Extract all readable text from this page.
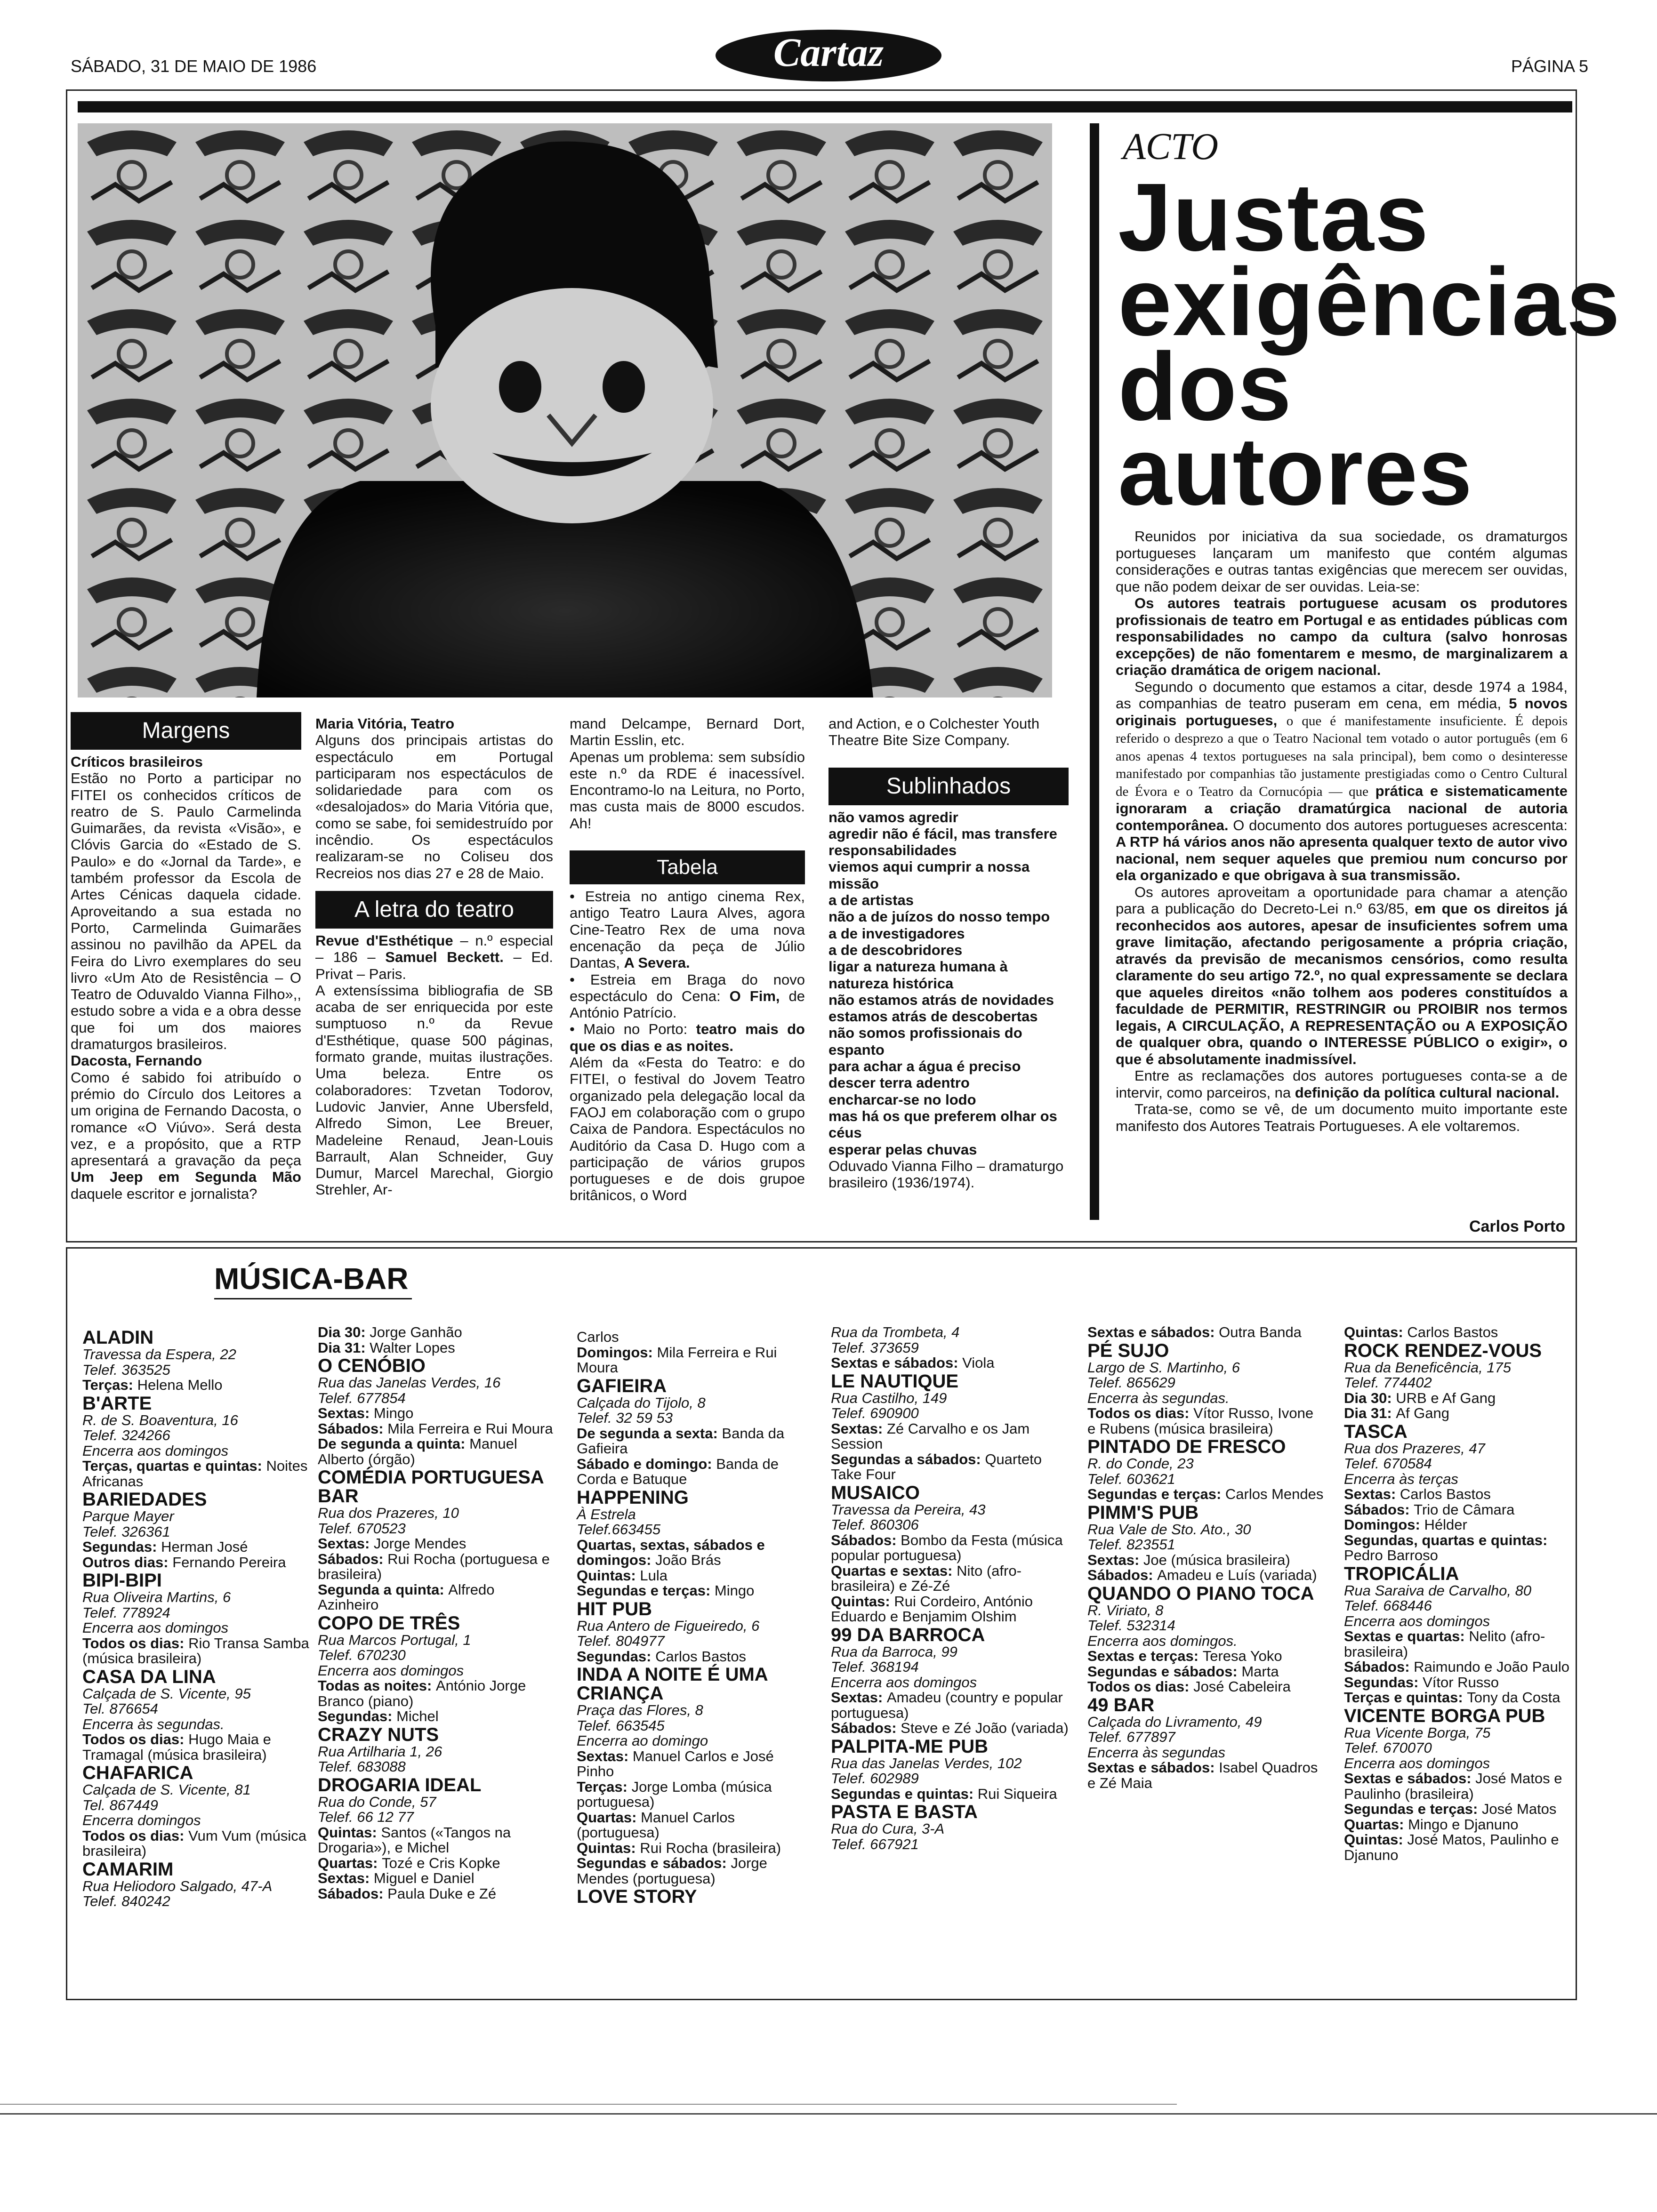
SÁBADO, 31 DE MAIO DE 1986	Cartaz	PÁGINA 5
ACTO
Justas exigências dos autores

Reunidos por iniciativa da sua sociedade, os dramaturgos portugueses lançaram um manifesto que contém algumas considerações e outras tantas exigências que merecem ser ouvidas, que não podem deixar de ser ouvidas. Leia-se:

Os autores teatrais portuguese acusam os produtores profissionais de teatro em Portugal e as entidades públicas com responsabilidades no campo da cultura (salvo honrosas excepções) de não fomentarem e mesmo, de marginalizarem a criação dramática de origem nacional.

Segundo o documento que estamos a citar, desde 1974 a 1984, as companhias de teatro puseram em cena, em média, 5 novos originais portugueses, o que é manifestamente insuficiente. É depois referido o desprezo a que o Teatro Nacional tem votado o autor português (em 6 anos apenas 4 textos portugueses na sala principal), bem como o desinteresse manifestado por companhias tão justamente prestigiadas como o Centro Cultural de Évora e o Teatro da Cornucópia — que prática e sistematicamente ignoraram a criação dramatúrgica nacional de autoria contemporânea. O documento dos autores portugueses acrescenta: A RTP há vários anos não apresenta qualquer texto de autor vivo nacional, nem sequer aqueles que premiou num concurso por ela organizado e que obrigava à sua transmissão.

Os autores aproveitam a oportunidade para chamar a atenção para a publicação do Decreto-Lei n.º 63/85, em que os direitos já reconhecidos aos autores, apesar de insuficientes sofrem uma grave limitação, afectando perigosamente a própria criação, através da previsão de mecanismos censórios, como resulta claramente do seu artigo 72.º, no qual expressamente se declara que aqueles direitos «não tolhem aos poderes constituídos a faculdade de PERMITIR, RESTRINGIR ou PROIBIR nos termos legais, A CIRCULAÇÃO, A REPRESENTAÇÃO ou A EXPOSIÇÃO de qualquer obra, quando o INTERESSE PÚBLICO o exigir», o que é absolutamente inadmissível.

Entre as reclamações dos autores portugueses conta-se a de intervir, como parceiros, na definição da política cultural nacional.

Trata-se, como se vê, de um documento muito importante este manifesto dos Autores Teatrais Portugueses. A ele voltaremos.

Carlos Porto
Margens

Críticos brasileiros

Estão no Porto a participar no FITEI os conhecidos críticos de reatro de S. Paulo Carmelinda Guimarães, da revista «Visão», e Clóvis Garcia do «Estado de S. Paulo» e do «Jornal da Tarde», e também professor da Escola de Artes Cénicas daquela cidade. Aproveitando a sua estada no Porto, Carmelinda Guimarães assinou no pavilhão da APEL da Feira do Livro exemplares do seu livro «Um Ato de Resistência – O Teatro de Oduvaldo Vianna Filho»,, estudo sobre a vida e a obra desse que foi um dos maiores dramaturgos brasileiros.

Dacosta, Fernando

Como é sabido foi atribuído o prémio do Círculo dos Leitores a um origina de Fernando Dacosta, o romance «O Viúvo». Será desta vez, e a propósito, que a RTP apresentará a gravação da peça Um Jeep em Segunda Mão daquele escritor e jornalista?

Maria Vitória, Teatro

Alguns dos principais artistas do espectáculo em Portugal participaram nos espectáculos de solidariedade para com os «desalojados» do Maria Vitória que, como se sabe, foi semidestruído por incêndio. Os espectáculos realizaram-se no Coliseu dos Recreios nos dias 27 e 28 de Maio.

A letra do teatro

Revue d'Esthétique – n.º especial – 186 – Samuel Beckett. – Ed. Privat – Paris.

A extensíssima bibliografia de SB acaba de ser enriquecida por este sumptuoso n.º da Revue d'Esthétique, quase 500 páginas, formato grande, muitas ilustrações. Uma beleza. Entre os colaboradores: Tzvetan Todorov, Ludovic Janvier, Anne Ubersfeld, Alfredo Simon, Lee Breuer, Madeleine Renaud, Jean-Louis Barrault, Alan Schneider, Guy Dumur, Marcel Marechal, Giorgio Strehler, Ar-

mand Delcampe, Bernard Dort, Martin Esslin, etc.

Apenas um problema: sem subsídio este n.º da RDE é inacessível. Encontramo-lo na Leitura, no Porto, mas custa mais de 8000 escudos. Ah!

Tabela

• Estreia no antigo cinema Rex, antigo Teatro Laura Alves, agora Cine-Teatro Rex de uma nova encenação da peça de Júlio Dantas, A Severa.

• Estreia em Braga do novo espectáculo do Cena: O Fim, de António Patrício.

• Maio no Porto: teatro mais do que os dias e as noites.

Além da «Festa do Teatro: e do FITEI, o festival do Jovem Teatro organizado pela delegação local da FAOJ em colaboração com o grupo Caixa de Pandora. Espectáculos no Auditório da Casa D. Hugo com a participação de vários grupos portugueses e de dois grupoe britânicos, o Word

and Action, e o Colchester Youth Theatre Bite Size Company.

Sublinhados

não vamos agredir

agredir não é fácil, mas transfere responsabilidades

viemos aqui cumprir a nossa missão

a de artistas

não a de juízos do nosso tempo

a de investigadores

a de descobridores

ligar a natureza humana à natureza histórica

não estamos atrás de novidades

estamos atrás de descobertas

não somos profissionais do espanto

para achar a água é preciso descer terra adentro

encharcar-se no lodo

mas há os que preferem olhar os céus

esperar pelas chuvas

Oduvado Vianna Filho – dramaturgo brasileiro (1936/1974).

MÚSICA-BAR
ALADIN
Travessa da Espera, 22
Telef. 363525
Terças: Helena Mello
B'ARTE
R. de S. Boaventura, 16
Telef. 324266
Encerra aos domingos
Terças, quartas e quintas: Noites Africanas
BARIEDADES
Parque Mayer
Telef. 326361
Segundas: Herman José
Outros dias: Fernando Pereira
BIPI-BIPI
Rua Oliveira Martins, 6
Telef. 778924
Encerra aos domingos
Todos os dias: Rio Transa Samba (música brasileira)
CASA DA LINA
Calçada de S. Vicente, 95
Tel. 876654
Encerra às segundas.
Todos os dias: Hugo Maia e Tramagal (música brasileira)
CHAFARICA
Calçada de S. Vicente, 81
Tel. 867449
Encerra domingos
Todos os dias: Vum Vum (música brasileira)
CAMARIM
Rua Heliodoro Salgado, 47-A
Telef. 840242
Dia 30: Jorge Ganhão
Dia 31: Walter Lopes
O CENÓBIO
Rua das Janelas Verdes, 16
Telef. 677854
Sextas: Mingo
Sábados: Mila Ferreira e Rui Moura
De segunda a quinta: Manuel Alberto (órgão)
COMÉDIA PORTUGUESA BAR
Rua dos Prazeres, 10
Telef. 670523
Sextas: Jorge Mendes
Sábados: Rui Rocha (portuguesa e brasileira)
Segunda a quinta: Alfredo Azinheiro
COPO DE TRÊS
Rua Marcos Portugal, 1
Telef. 670230
Encerra aos domingos
Todas as noites: António Jorge Branco (piano)
Segundas: Michel
CRAZY NUTS
Rua Artilharia 1, 26
Telef. 683088
DROGARIA IDEAL
Rua do Conde, 57
Telef. 66 12 77
Quintas: Santos («Tangos na Drogaria»), e Michel
Quartas: Tozé e Cris Kopke
Sextas: Miguel e Daniel
Sábados: Paula Duke e Zé
Carlos
Domingos: Mila Ferreira e Rui Moura
GAFIEIRA
Calçada do Tijolo, 8
Telef. 32 59 53
De segunda a sexta: Banda da Gafieira
Sábado e domingo: Banda de Corda e Batuque
HAPPENING
À Estrela
Telef.663455
Quartas, sextas, sábados e domingos: João Brás
Quintas: Lula
Segundas e terças: Mingo
HIT PUB
Rua Antero de Figueiredo, 6
Telef. 804977
Segundas: Carlos Bastos
INDA A NOITE É UMA CRIANÇA
Praça das Flores, 8
Telef. 663545
Encerra ao domingo
Sextas: Manuel Carlos e José Pinho
Terças: Jorge Lomba (música portuguesa)
Quartas: Manuel Carlos (portuguesa)
Quintas: Rui Rocha (brasileira)
Segundas e sábados: Jorge Mendes (portuguesa)
LOVE STORY
Rua da Trombeta, 4
Telef. 373659
Sextas e sábados: Viola
LE NAUTIQUE
Rua Castilho, 149
Telef. 690900
Sextas: Zé Carvalho e os Jam Session
Segundas a sábados: Quarteto Take Four
MUSAICO
Travessa da Pereira, 43
Telef. 860306
Sábados: Bombo da Festa (música popular portuguesa)
Quartas e sextas: Nito (afro-brasileira) e Zé-Zé
Quintas: Rui Cordeiro, António Eduardo e Benjamim Olshim
99 DA BARROCA
Rua da Barroca, 99
Telef. 368194
Encerra aos domingos
Sextas: Amadeu (country e popular portuguesa)
Sábados: Steve e Zé João (variada)
PALPITA-ME PUB
Rua das Janelas Verdes, 102
Telef. 602989
Segundas e quintas: Rui Siqueira
PASTA E BASTA
Rua do Cura, 3-A
Telef. 667921
Sextas e sábados: Outra Banda
PÉ SUJO
Largo de S. Martinho, 6
Telef. 865629
Encerra às segundas.
Todos os dias: Vítor Russo, Ivone e Rubens (música brasileira)
PINTADO DE FRESCO
R. do Conde, 23
Telef. 603621
Segundas e terças: Carlos Mendes
PIMM'S PUB
Rua Vale de Sto. Ato., 30
Telef. 823551
Sextas: Joe (música brasileira)
Sábados: Amadeu e Luís (variada)
QUANDO O PIANO TOCA
R. Viriato, 8
Telef. 532314
Encerra aos domingos.
Sextas e terças: Teresa Yoko
Segundas e sábados: Marta
Todos os dias: José Cabeleira
49 BAR
Calçada do Livramento, 49
Telef. 677897
Encerra às segundas
Sextas e sábados: Isabel Quadros e Zé Maia
Quintas: Carlos Bastos
ROCK RENDEZ-VOUS
Rua da Beneficência, 175
Telef. 774402
Dia 30: URB e Af Gang
Dia 31: Af Gang
TASCA
Rua dos Prazeres, 47
Telef. 670584
Encerra às terças
Sextas: Carlos Bastos
Sábados: Trio de Câmara
Domingos: Hélder
Segundas, quartas e quintas: Pedro Barroso
TROPICÁLIA
Rua Saraiva de Carvalho, 80
Telef. 668446
Encerra aos domingos
Sextas e quartas: Nelito (afro-brasileira)
Sábados: Raimundo e João Paulo
Segundas: Vítor Russo
Terças e quintas: Tony da Costa
VICENTE BORGA PUB
Rua Vicente Borga, 75
Telef. 670070
Encerra aos domingos
Sextas e sábados: José Matos e Paulinho (brasileira)
Segundas e terças: José Matos
Quartas: Mingo e Djanuno
Quintas: José Matos, Paulinho e Djanuno
